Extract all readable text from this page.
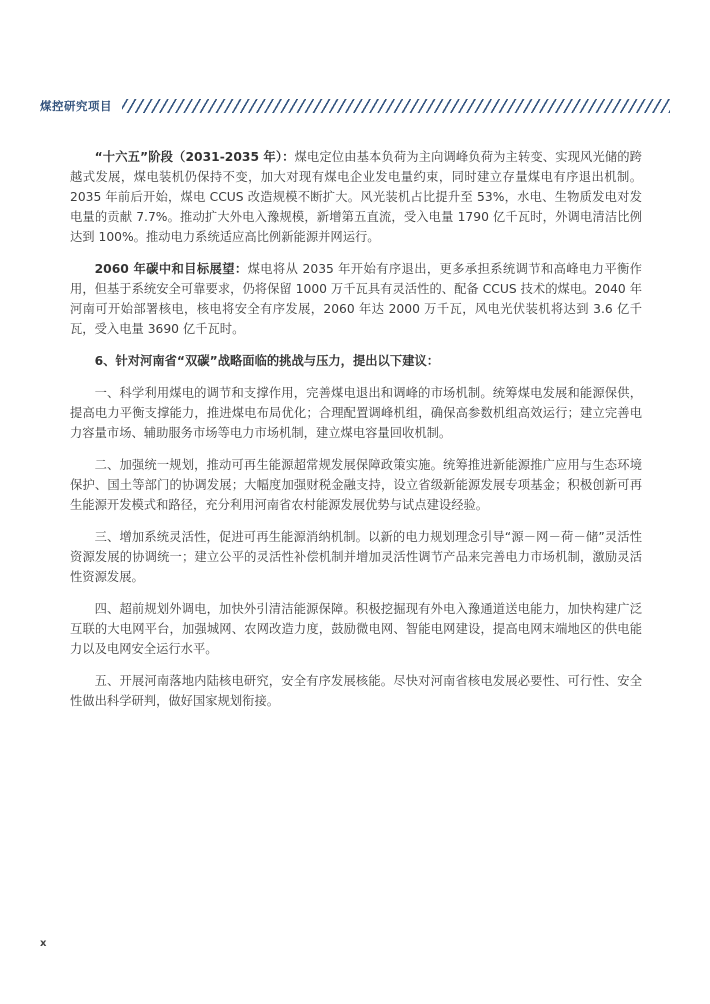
煤控研究项目

“十六五”阶段（2031-2035 年）：煤电定位由基本负荷为主向调峰负荷为主转变、实现风光储的跨越式发展，煤电装机仍保持不变，加大对现有煤电企业发电量约束，同时建立存量煤电有序退出机制。2035 年前后开始，煤电 CCUS 改造规模不断扩大。风光装机占比提升至 53%，水电、生物质发电对发电量的贡献 7.7%。推动扩大外电入豫规模，新增第五直流，受入电量 1790 亿千瓦时，外调电清洁比例达到 100%。推动电力系统适应高比例新能源并网运行。

2060 年碳中和目标展望：煤电将从 2035 年开始有序退出，更多承担系统调节和高峰电力平衡作用，但基于系统安全可靠要求，仍将保留 1000 万千瓦具有灵活性的、配备 CCUS 技术的煤电。2040 年河南可开始部署核电，核电将安全有序发展，2060 年达 2000 万千瓦，风电光伏装机将达到 3.6 亿千瓦，受入电量 3690 亿千瓦时。

6、针对河南省“双碳”战略面临的挑战与压力，提出以下建议：

一、科学利用煤电的调节和支撑作用，完善煤电退出和调峰的市场机制。统筹煤电发展和能源保供，提高电力平衡支撑能力，推进煤电布局优化；合理配置调峰机组，确保高参数机组高效运行；建立完善电力容量市场、辅助服务市场等电力市场机制，建立煤电容量回收机制。

二、加强统一规划，推动可再生能源超常规发展保障政策实施。统筹推进新能源推广应用与生态环境保护、国土等部门的协调发展；大幅度加强财税金融支持，设立省级新能源发展专项基金；积极创新可再生能源开发模式和路径，充分利用河南省农村能源发展优势与试点建设经验。

三、增加系统灵活性，促进可再生能源消纳机制。以新的电力规划理念引导“源－网－荷－储”灵活性资源发展的协调统一；建立公平的灵活性补偿机制并增加灵活性调节产品来完善电力市场机制，激励灵活性资源发展。

四、超前规划外调电，加快外引清洁能源保障。积极挖掘现有外电入豫通道送电能力，加快构建广泛互联的大电网平台，加强城网、农网改造力度，鼓励微电网、智能电网建设，提高电网末端地区的供电能力以及电网安全运行水平。

五、开展河南落地内陆核电研究，安全有序发展核能。尽快对河南省核电发展必要性、可行性、安全性做出科学研判，做好国家规划衔接。

x
